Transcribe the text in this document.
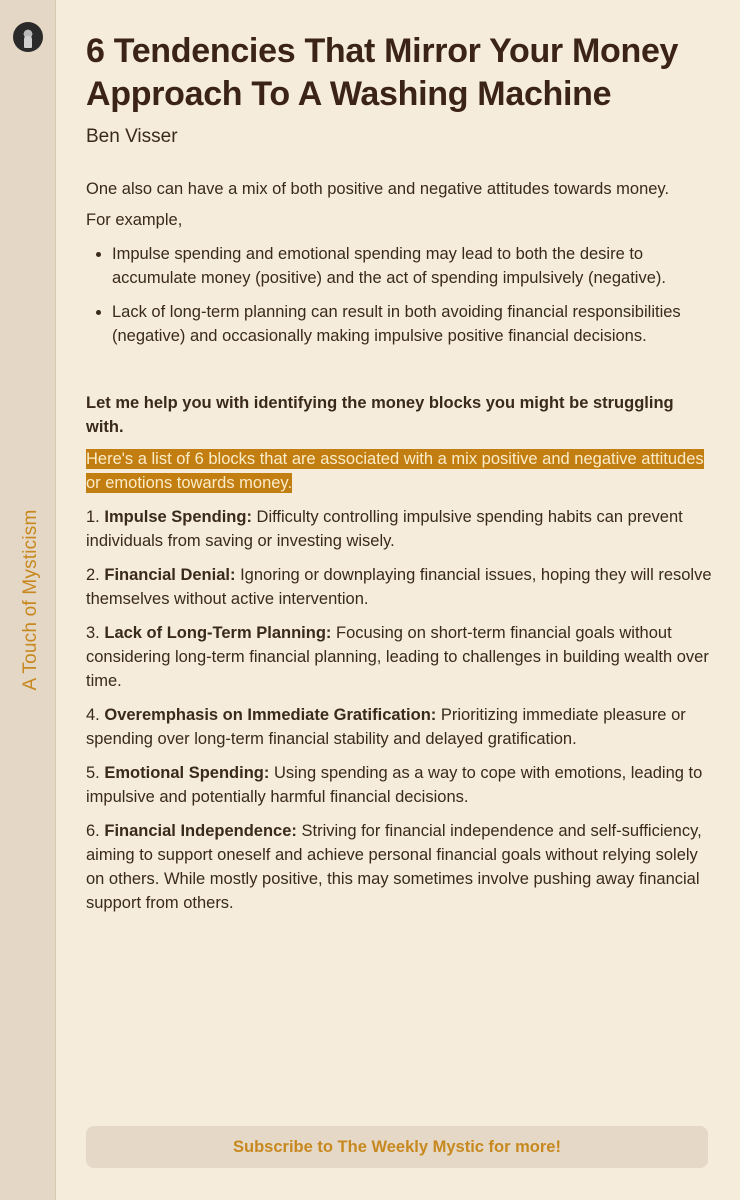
A Touch of Mysticism
6 Tendencies That Mirror Your Money Approach To A Washing Machine
Ben Visser

One also can have a mix of both positive and negative attitudes towards money.

For example,

• Impulse spending and emotional spending may lead to both the desire to accumulate money (positive) and the act of spending impulsively (negative).
• Lack of long-term planning can result in both avoiding financial responsibilities (negative) and occasionally making impulsive positive financial decisions.

Let me help you with identifying the money blocks you might be struggling with.

Here's a list of 6 blocks that are associated with a mix positive and negative attitudes or emotions towards money.

1. Impulse Spending: Difficulty controlling impulsive spending habits can prevent individuals from saving or investing wisely.

2. Financial Denial: Ignoring or downplaying financial issues, hoping they will resolve themselves without active intervention.

3. Lack of Long-Term Planning: Focusing on short-term financial goals without considering long-term financial planning, leading to challenges in building wealth over time.

4. Overemphasis on Immediate Gratification: Prioritizing immediate pleasure or spending over long-term financial stability and delayed gratification.

5. Emotional Spending: Using spending as a way to cope with emotions, leading to impulsive and potentially harmful financial decisions.

6. Financial Independence: Striving for financial independence and self-sufficiency, aiming to support oneself and achieve personal financial goals without relying solely on others. While mostly positive, this may sometimes involve pushing away financial support from others.

Subscribe to The Weekly Mystic for more!
